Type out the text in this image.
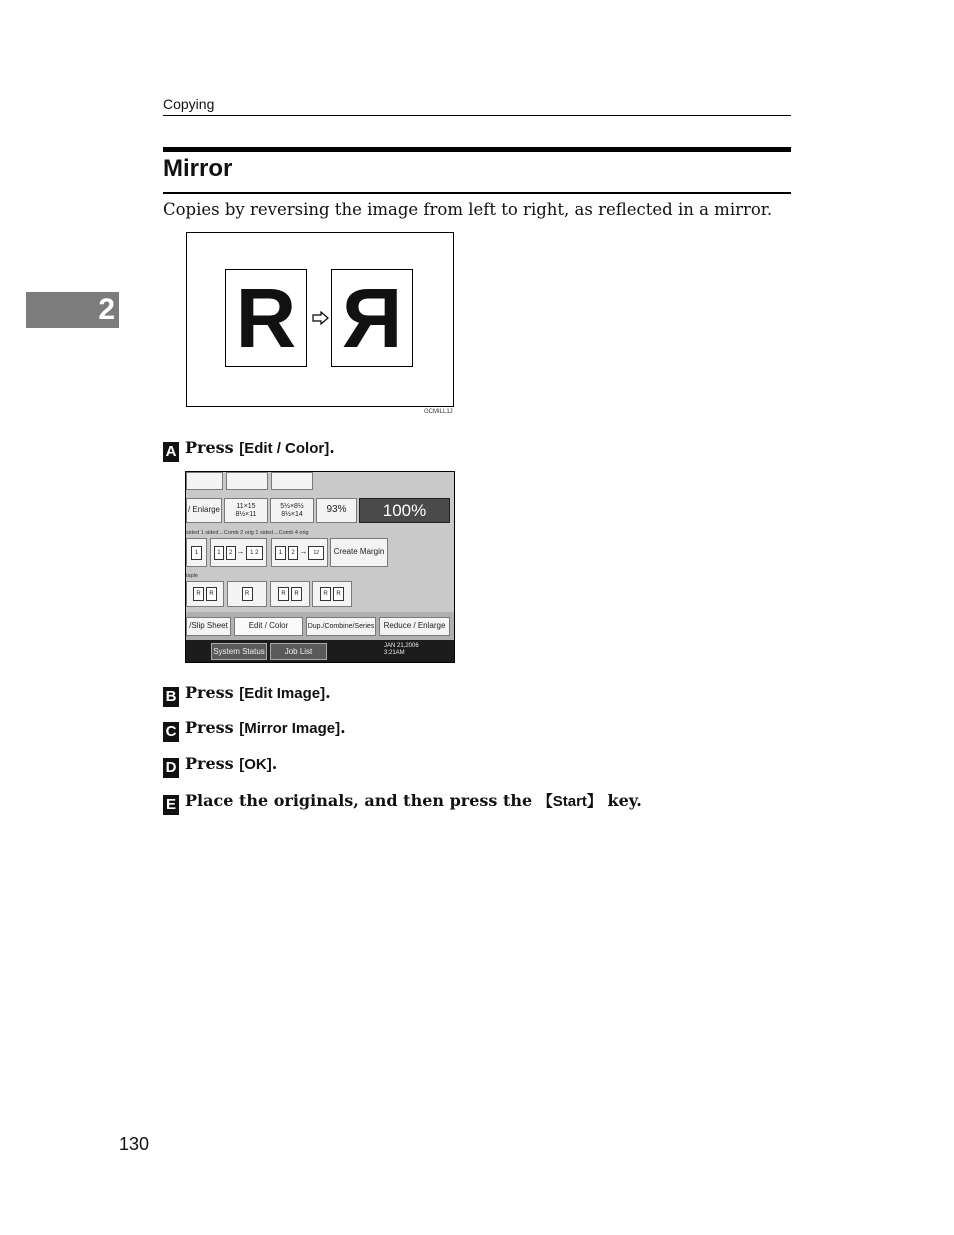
Copying
2
Mirror
Copies by reversing the image from left to right, as reflected in a mirror.
R R
GCMILL1J
A Press [Edit / Color].
/ Enlarge	11×15
8½×11
5½×8½
8½×14	93%	100%
sided 1 sided→Comb 2 orig 1 sided→Comb 4 orig
1	1	2 → 1 2	1	2 →	12	Create Margin
taple
R	R	R	R	R	R	R
/Slip Sheet	Edit / Color	Dup./Combine/Series	Reduce / Enlarge
System Status	Job List
JAN 21,2006
3:21AM
B Press [Edit Image].
C Press [Mirror Image].
D Press [OK].
E Place the originals, and then press the 【Start】 key.
130
